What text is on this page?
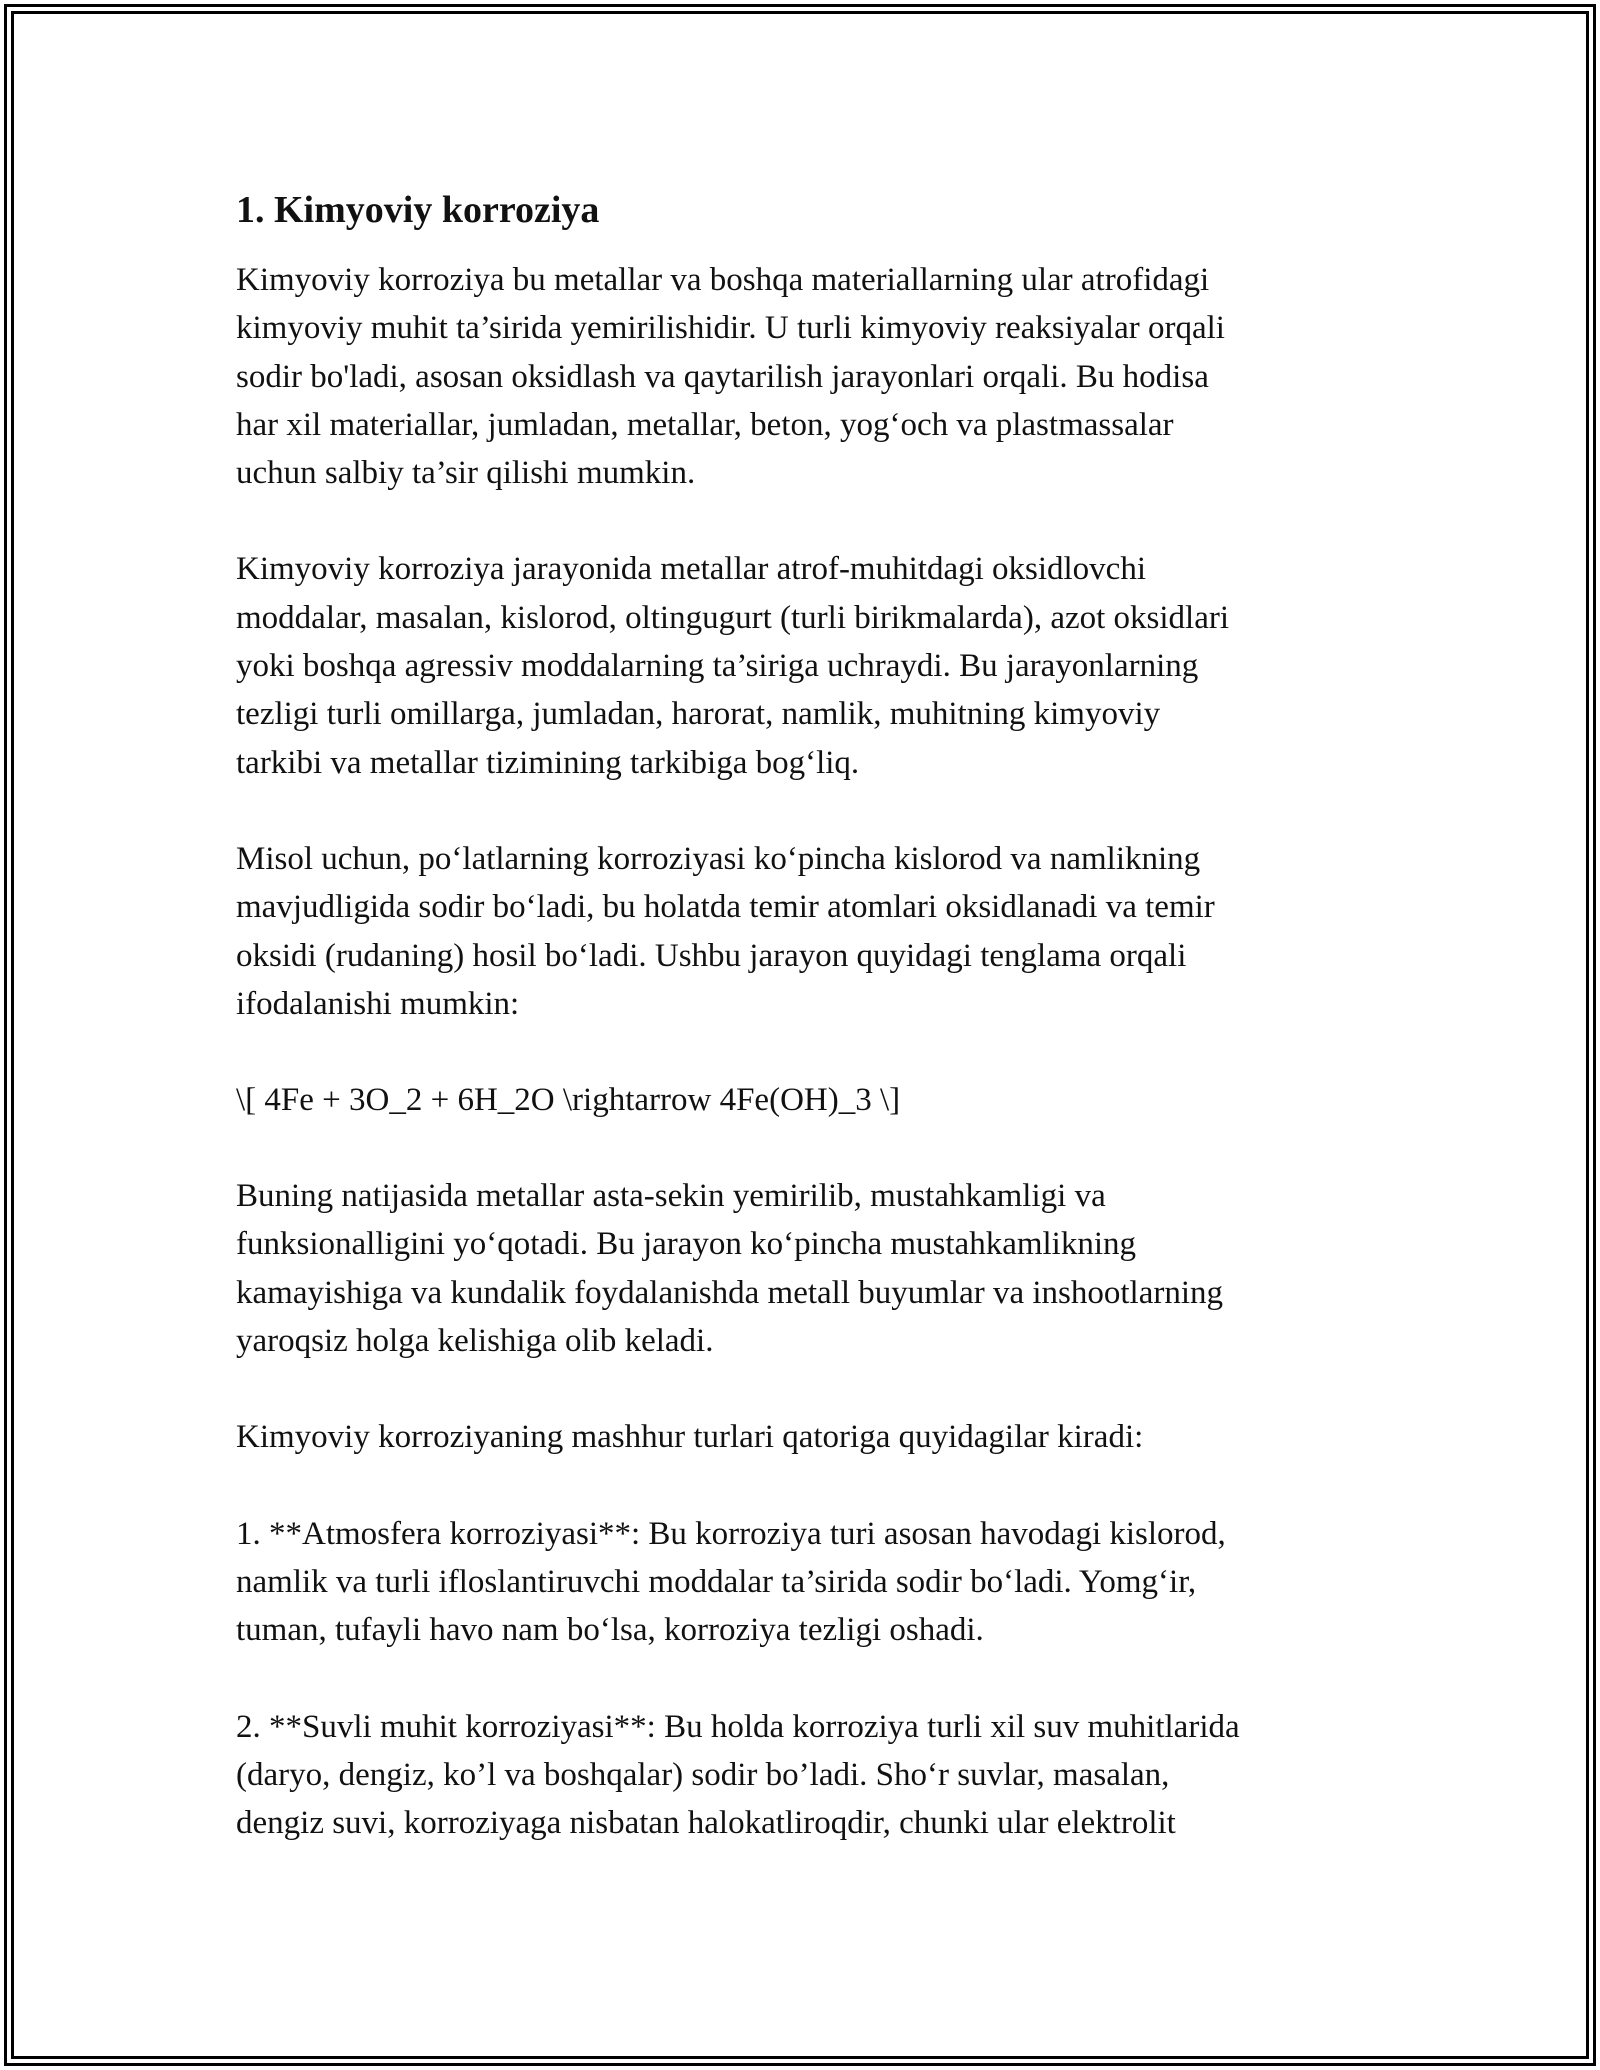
1. Kimyoviy korroziya

Kimyoviy korroziya bu metallar va boshqa materiallarning ular atrofidagi
kimyoviy muhit ta’sirida yemirilishidir. U turli kimyoviy reaksiyalar orqali
sodir bo'ladi, asosan oksidlash va qaytarilish jarayonlari orqali. Bu hodisa
har xil materiallar, jumladan, metallar, beton, yog‘och va plastmassalar
uchun salbiy ta’sir qilishi mumkin.

Kimyoviy korroziya jarayonida metallar atrof-muhitdagi oksidlovchi
moddalar, masalan, kislorod, oltingugurt (turli birikmalarda), azot oksidlari
yoki boshqa agressiv moddalarning ta’siriga uchraydi. Bu jarayonlarning
tezligi turli omillarga, jumladan, harorat, namlik, muhitning kimyoviy
tarkibi va metallar tizimining tarkibiga bog‘liq.

Misol uchun, po‘latlarning korroziyasi ko‘pincha kislorod va namlikning
mavjudligida sodir bo‘ladi, bu holatda temir atomlari oksidlanadi va temir
oksidi (rudaning) hosil bo‘ladi. Ushbu jarayon quyidagi tenglama orqali
ifodalanishi mumkin:

\[ 4Fe + 3O_2 + 6H_2O \rightarrow 4Fe(OH)_3 \]

Buning natijasida metallar asta-sekin yemirilib, mustahkamligi va
funksionalligini yo‘qotadi. Bu jarayon ko‘pincha mustahkamlikning
kamayishiga va kundalik foydalanishda metall buyumlar va inshootlarning
yaroqsiz holga kelishiga olib keladi.

Kimyoviy korroziyaning mashhur turlari qatoriga quyidagilar kiradi:

1. **Atmosfera korroziyasi**: Bu korroziya turi asosan havodagi kislorod,
namlik va turli ifloslantiruvchi moddalar ta’sirida sodir bo‘ladi. Yomg‘ir,
tuman, tufayli havo nam bo‘lsa, korroziya tezligi oshadi.

2. **Suvli muhit korroziyasi**: Bu holda korroziya turli xil suv muhitlarida
(daryo, dengiz, ko’l va boshqalar) sodir bo’ladi. Sho‘r suvlar, masalan,
dengiz suvi, korroziyaga nisbatan halokatliroqdir, chunki ular elektrolit
